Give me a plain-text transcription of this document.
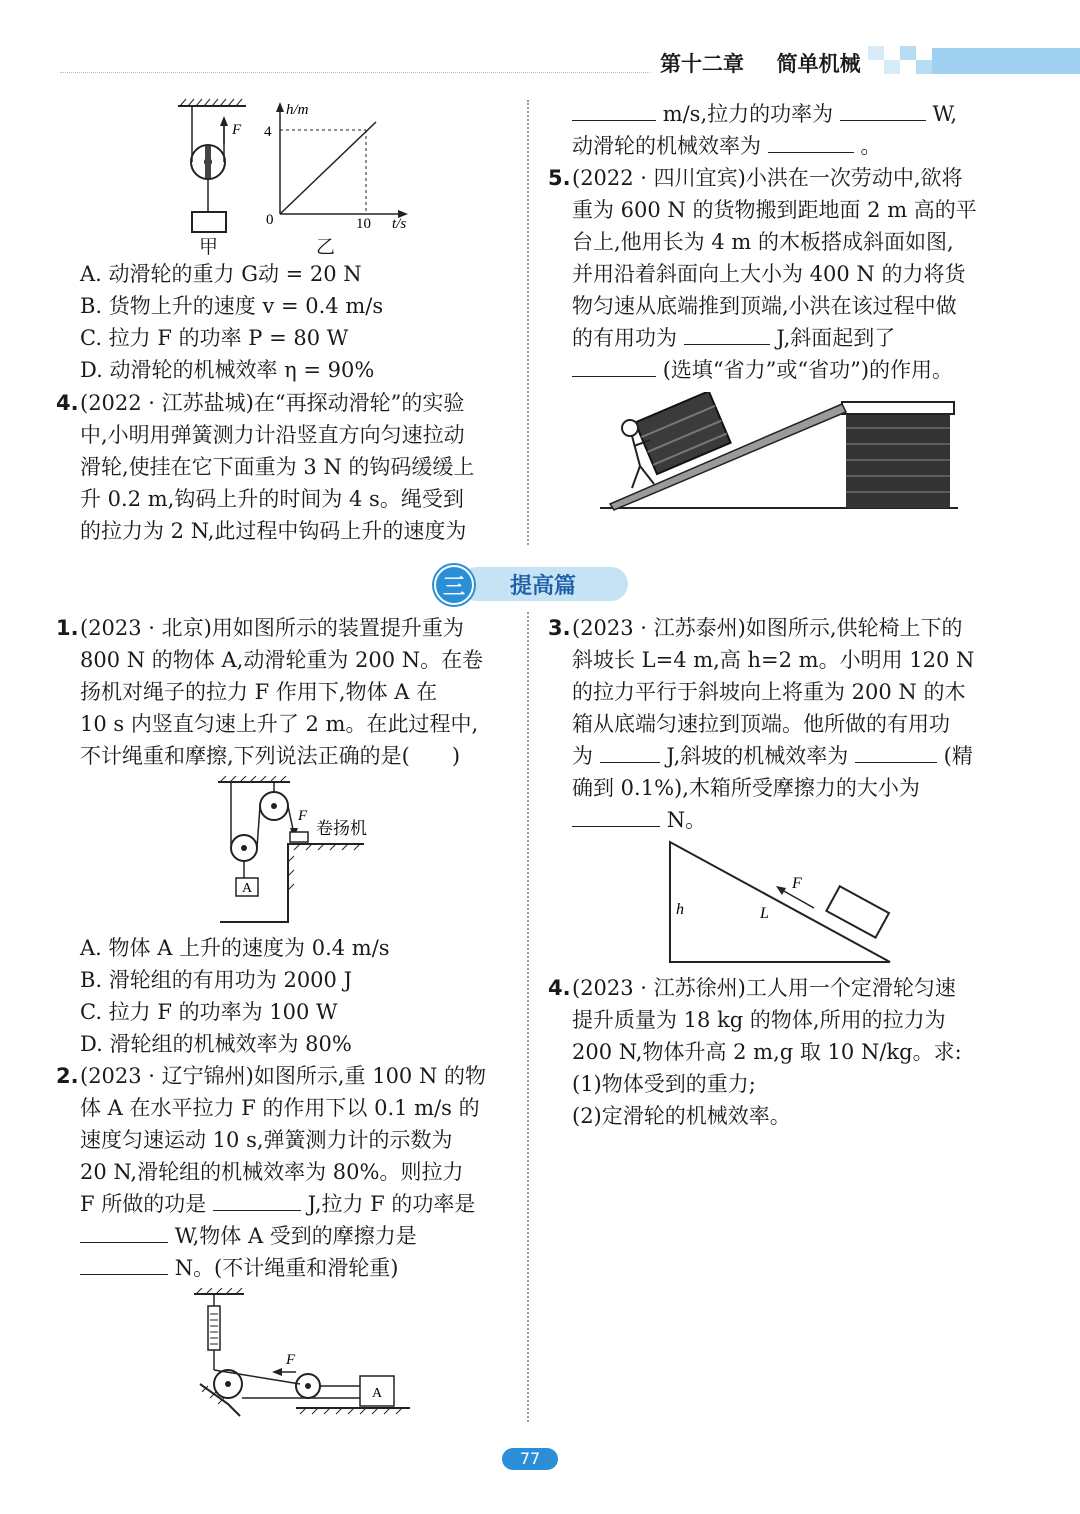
第十二章 简单机械
F
h/m
4
0	10 t/s
甲	乙
A. 动滑轮的重力 G动 = 20 N
B. 货物上升的速度 v = 0.4 m/s
C. 拉力 F 的功率 P = 80 W
D. 动滑轮的机械效率 η = 90%
4. (2022 · 江苏盐城)在“再探动滑轮”的实验
中,小明用弹簧测力计沿竖直方向匀速拉动
滑轮,使挂在它下面重为 3 N 的钩码缓缓上
升 0.2 m,钩码上升的时间为 4 s。绳受到
的拉力为 2 N,此过程中钩码上升的速度为
m/s,拉力的功率为	W,
动滑轮的机械效率为	。
5. (2022 · 四川宜宾)小洪在一次劳动中,欲将
重为 600 N 的货物搬到距地面 2 m 高的平
台上,他用长为 4 m 的木板搭成斜面如图,
并用沿着斜面向上大小为 400 N 的力将货
物匀速从底端推到顶端,小洪在该过程中做
的有用功为	J,斜面起到了
(选填“省力”或“省功”)的作用。
三	提高篇
1. (2023 · 北京)用如图所示的装置提升重为
800 N 的物体 A,动滑轮重为 200 N。在卷
扬机对绳子的拉力 F 作用下,物体 A 在
10 s 内竖直匀速上升了 2 m。在此过程中,
不计绳重和摩擦,下列说法正确的是(　　)
F
卷扬机
A
A. 物体 A 上升的速度为 0.4 m/s
B. 滑轮组的有用功为 2000 J
C. 拉力 F 的功率为 100 W
D. 滑轮组的机械效率为 80%
2. (2023 · 辽宁锦州)如图所示,重 100 N 的物
体 A 在水平拉力 F 的作用下以 0.1 m/s 的
速度匀速运动 10 s,弹簧测力计的示数为
20 N,滑轮组的机械效率为 80%。则拉力
F 所做的功是	J,拉力 F 的功率是
W,物体 A 受到的摩擦力是
N。(不计绳重和滑轮重)
F
A
3. (2023 · 江苏泰州)如图所示,供轮椅上下的
斜坡长 L=4 m,高 h=2 m。小明用 120 N
的拉力平行于斜坡向上将重为 200 N 的木
箱从底端匀速拉到顶端。他所做的有用功
为	J,斜坡的机械效率为	(精
确到 0.1%),木箱所受摩擦力的大小为
N。
h	L
F
4. (2023 · 江苏徐州)工人用一个定滑轮匀速
提升质量为 18 kg 的物体,所用的拉力为
200 N,物体升高 2 m,g 取 10 N/kg。求:
(1)物体受到的重力;
(2)定滑轮的机械效率。
77
